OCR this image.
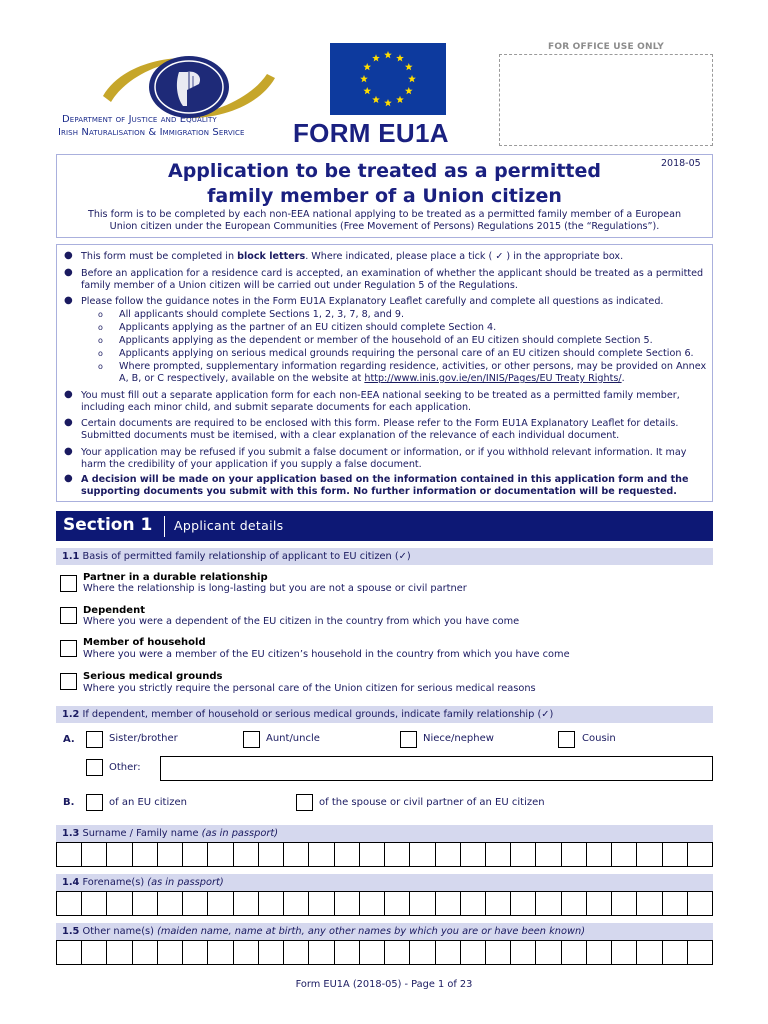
Department of Justice and Equality
Irish Naturalisation & Immigration Service FORM EU1A
FOR OFFICE USE ONLY
2018-05
Application to be treated as a permitted
family member of a Union citizen
This form is to be completed by each non-EEA national applying to be treated as a permitted family member of a European
Union citizen under the European Communities (Free Movement of Persons) Regulations 2015 (the “Regulations”).
● This form must be completed in block letters. Where indicated, please place a tick ( ✓ ) in the appropriate box.
● Before an application for a residence card is accepted, an examination of whether the applicant should be treated as a permitted
family member of a Union citizen will be carried out under Regulation 5 of the Regulations.
● Please follow the guidance notes in the Form EU1A Explanatory Leaflet carefully and complete all questions as indicated.
o All applicants should complete Sections 1, 2, 3, 7, 8, and 9.
o Applicants applying as the partner of an EU citizen should complete Section 4.
o Applicants applying as the dependent or member of the household of an EU citizen should complete Section 5.
o Applicants applying on serious medical grounds requiring the personal care of an EU citizen should complete Section 6.
o Where prompted, supplementary information regarding residence, activities, or other persons, may be provided on Annex
A, B, or C respectively, available on the website at http://www.inis.gov.ie/en/INIS/Pages/EU Treaty Rights/.
● You must fill out a separate application form for each non-EEA national seeking to be treated as a permitted family member,
including each minor child, and submit separate documents for each application.
● Certain documents are required to be enclosed with this form. Please refer to the Form EU1A Explanatory Leaflet for details.
Submitted documents must be itemised, with a clear explanation of the relevance of each individual document.
● Your application may be refused if you submit a false document or information, or if you withhold relevant information. It may
harm the credibility of your application if you supply a false document.
● A decision will be made on your application based on the information contained in this application form and the
supporting documents you submit with this form. No further information or documentation will be requested.
Section 1 Applicant details
1.1 Basis of permitted family relationship of applicant to EU citizen (✓)
Partner in a durable relationship
Where the relationship is long-lasting but you are not a spouse or civil partner
Dependent
Where you were a dependent of the EU citizen in the country from which you have come
Member of household
Where you were a member of the EU citizen’s household in the country from which you have come
Serious medical grounds
Where you strictly require the personal care of the Union citizen for serious medical reasons
1.2 If dependent, member of household or serious medical grounds, indicate family relationship (✓)
A.	Sister/brother	Aunt/uncle	Niece/nephew	Cousin
Other:
B.	of an EU citizen	of the spouse or civil partner of an EU citizen
1.3 Surname / Family name (as in passport)
1.4 Forename(s) (as in passport)
1.5 Other name(s) (maiden name, name at birth, any other names by which you are or have been known)
Form EU1A (2018-05) - Page 1 of 23
